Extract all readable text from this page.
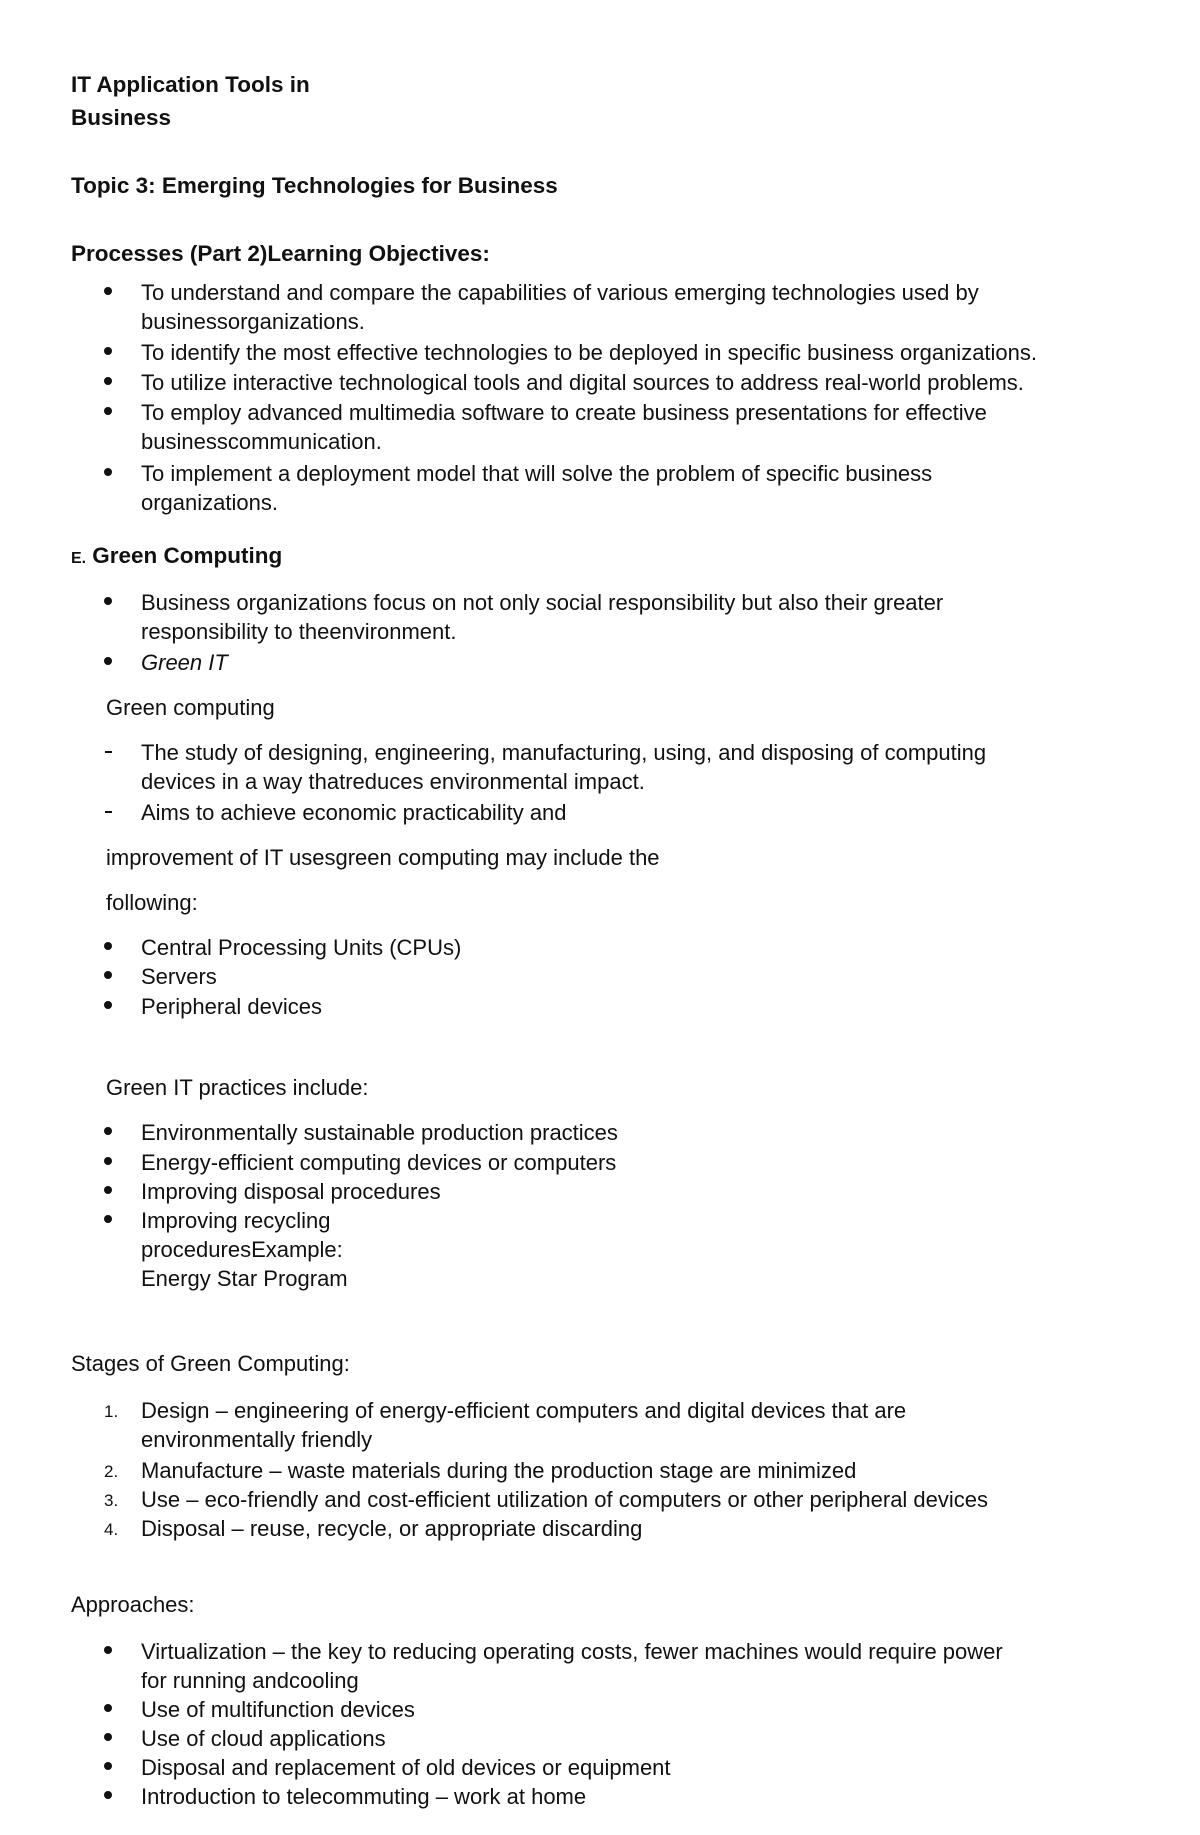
IT Application Tools in
Business
Topic 3: Emerging Technologies for Business
Processes (Part 2)Learning Objectives:
To understand and compare the capabilities of various emerging technologies used by
businessorganizations.
To identify the most effective technologies to be deployed in specific business organizations.
To utilize interactive technological tools and digital sources to address real-world problems.
To employ advanced multimedia software to create business presentations for effective
businesscommunication.
To implement a deployment model that will solve the problem of specific business
organizations.
E. Green Computing
Business organizations focus on not only social responsibility but also their greater
responsibility to theenvironment.
Green IT
Green computing
The study of designing, engineering, manufacturing, using, and disposing of computing
devices in a way thatreduces environmental impact.
Aims to achieve economic practicability and
improvement of IT usesgreen computing may include the
following:
Central Processing Units (CPUs)
Servers
Peripheral devices
Green IT practices include:
Environmentally sustainable production practices
Energy-efficient computing devices or computers
Improving disposal procedures
Improving recycling
proceduresExample:
Energy Star Program
Stages of Green Computing:
1. Design – engineering of energy-efficient computers and digital devices that are
environmentally friendly
2. Manufacture – waste materials during the production stage are minimized
3. Use – eco-friendly and cost-efficient utilization of computers or other peripheral devices
4. Disposal – reuse, recycle, or appropriate discarding
Approaches:
Virtualization – the key to reducing operating costs, fewer machines would require power
for running andcooling
Use of multifunction devices
Use of cloud applications
Disposal and replacement of old devices or equipment
Introduction to telecommuting – work at home
